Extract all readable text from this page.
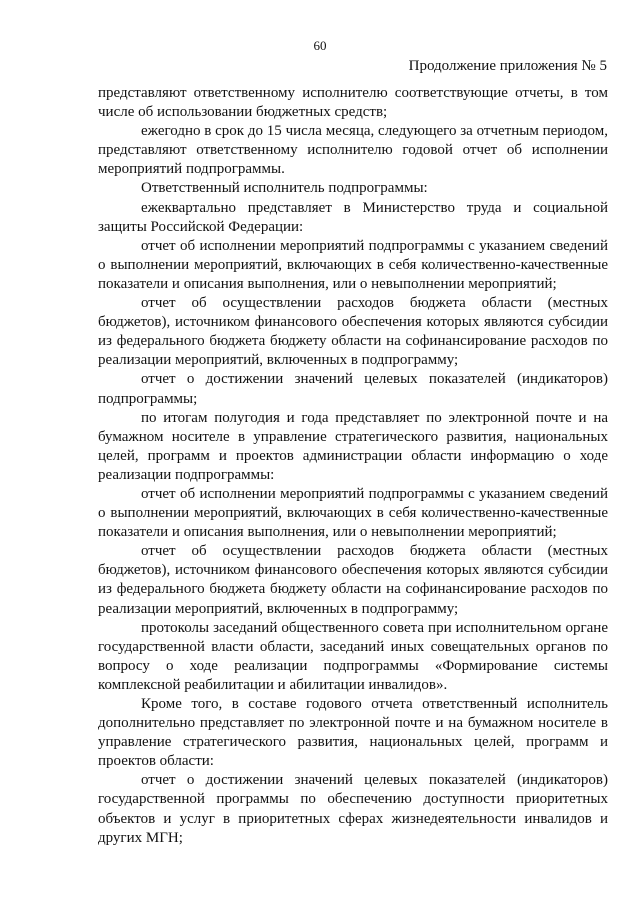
60
Продолжение приложения № 5

представляют ответственному исполнителю соответствующие отчеты, в том числе об использовании бюджетных средств;

ежегодно в срок до 15 числа месяца, следующего за отчетным периодом, представляют ответственному исполнителю годовой отчет об исполнении мероприятий подпрограммы.

Ответственный исполнитель подпрограммы:

ежеквартально представляет в Министерство труда и социальной защиты Российской Федерации:

отчет об исполнении мероприятий подпрограммы с указанием сведений о выполнении мероприятий, включающих в себя количественно-качественные показатели и описания выполнения, или о невыполнении мероприятий;

отчет об осуществлении расходов бюджета области (местных бюджетов), источником финансового обеспечения которых являются субсидии из федерального бюджета бюджету области на софинансирование расходов по реализации мероприятий, включенных в подпрограмму;

отчет о достижении значений целевых показателей (индикаторов) подпрограммы;

по итогам полугодия и года представляет по электронной почте и на бумажном носителе в управление стратегического развития, национальных целей, программ и проектов администрации области информацию о ходе реализации подпрограммы:

отчет об исполнении мероприятий подпрограммы с указанием сведений о выполнении мероприятий, включающих в себя количественно-качественные показатели и описания выполнения, или о невыполнении мероприятий;

отчет об осуществлении расходов бюджета области (местных бюджетов), источником финансового обеспечения которых являются субсидии из федерального бюджета бюджету области на софинансирование расходов по реализации мероприятий, включенных в подпрограмму;

протоколы заседаний общественного совета при исполнительном органе государственной власти области, заседаний иных совещательных органов по вопросу о ходе реализации подпрограммы «Формирование системы комплексной реабилитации и абилитации инвалидов».

Кроме того, в составе годового отчета ответственный исполнитель дополнительно представляет по электронной почте и на бумажном носителе в управление стратегического развития, национальных целей, программ и проектов области:

отчет о достижении значений целевых показателей (индикаторов) государственной программы по обеспечению доступности приоритетных объектов и услуг в приоритетных сферах жизнедеятельности инвалидов и других МГН;
